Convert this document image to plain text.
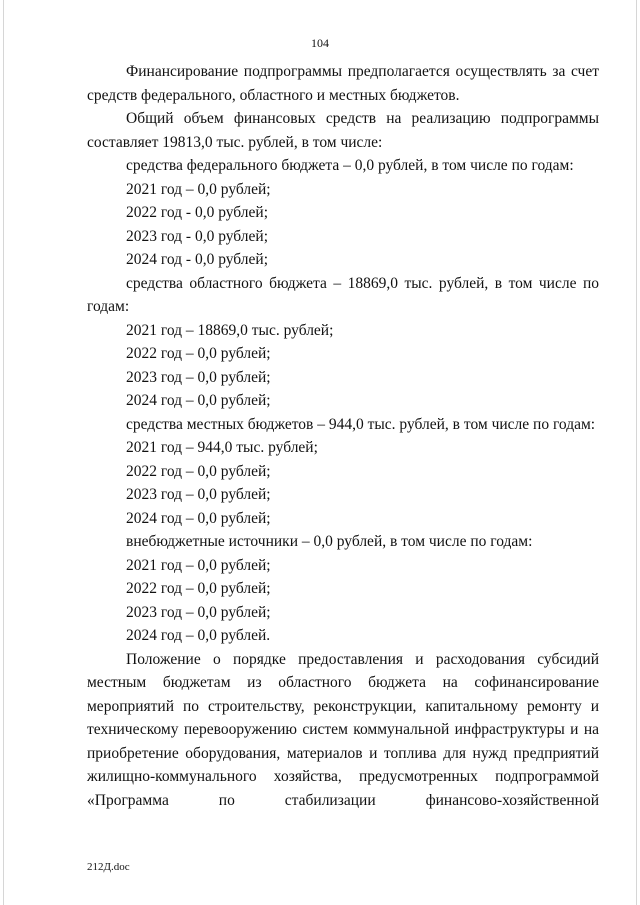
104

Финансирование подпрограммы предполагается осуществлять за счет средств федерального, областного и местных бюджетов.

Общий объем финансовых средств на реализацию подпрограммы составляет 19813,0 тыс. рублей, в том числе:

средства федерального бюджета – 0,0 рублей, в том числе по годам:

2021 год – 0,0 рублей;

2022 год - 0,0 рублей;

2023 год - 0,0 рублей;

2024 год - 0,0 рублей;

средства областного бюджета – 18869,0 тыс. рублей, в том числе по годам:

2021 год – 18869,0 тыс. рублей;

2022 год – 0,0 рублей;

2023 год – 0,0 рублей;

2024 год – 0,0 рублей;

средства местных бюджетов – 944,0 тыс. рублей, в том числе по годам:

2021 год – 944,0 тыс. рублей;

2022 год – 0,0 рублей;

2023 год – 0,0 рублей;

2024 год – 0,0 рублей;

внебюджетные источники – 0,0 рублей, в том числе по годам:

2021 год – 0,0 рублей;

2022 год – 0,0 рублей;

2023 год – 0,0 рублей;

2024 год – 0,0 рублей.

Положение о порядке предоставления и расходования субсидий местным бюджетам из областного бюджета на софинансирование мероприятий по строительству, реконструкции, капитальному ремонту и техническому перевооружению систем коммунальной инфраструктуры и на приобретение оборудования, материалов и топлива для нужд предприятий жилищно-коммунального хозяйства, предусмотренных подпрограммой «Программа по стабилизации финансово-хозяйственной

212Д.doc
